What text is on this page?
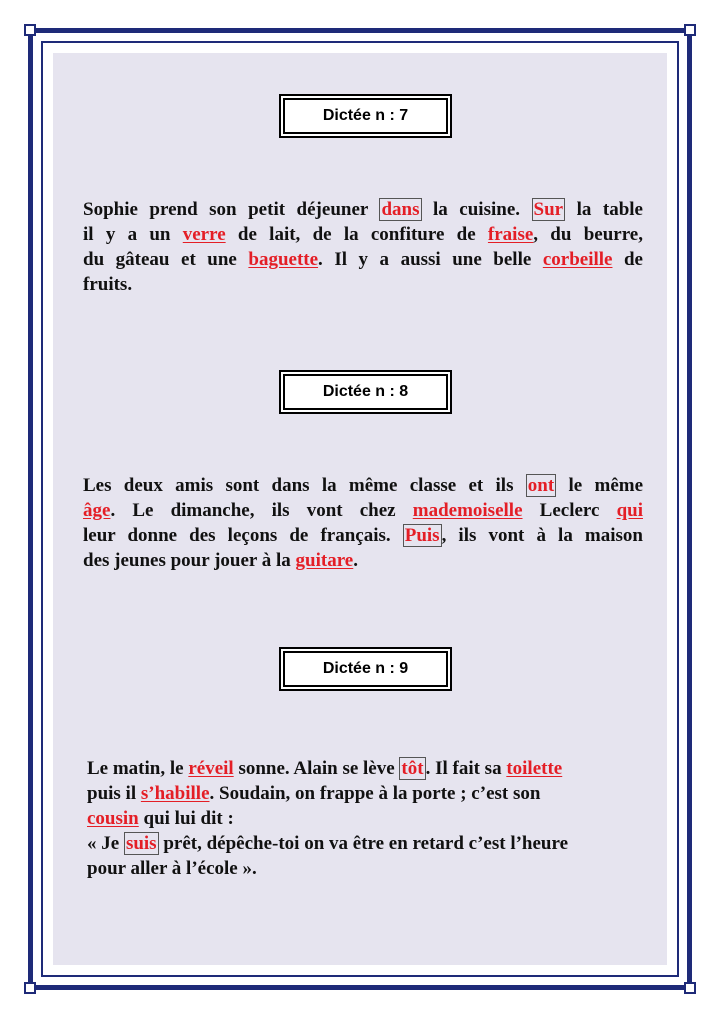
Dictée n : 7
Sophie prend son petit déjeuner dans la cuisine. Sur la table
il y a un verre de lait, de la confiture de fraise, du beurre,
du gâteau et une baguette. Il y a aussi une belle corbeille de
fruits.
Dictée n : 8
Les deux amis sont dans la même classe et ils ont le même
âge. Le dimanche, ils vont chez mademoiselle Leclerc qui
leur donne des leçons de français. Puis , ils vont à la maison
des jeunes pour jouer à la guitare.
Dictée n : 9
Le matin, le réveil sonne. Alain se lève tôt . Il fait sa toilette
puis il s’habille. Soudain, on frappe à la porte ; c’est son
cousin qui lui dit :
« Je suis prêt, dépêche-toi on va être en retard c’est l’heure
pour aller à l’école ».
